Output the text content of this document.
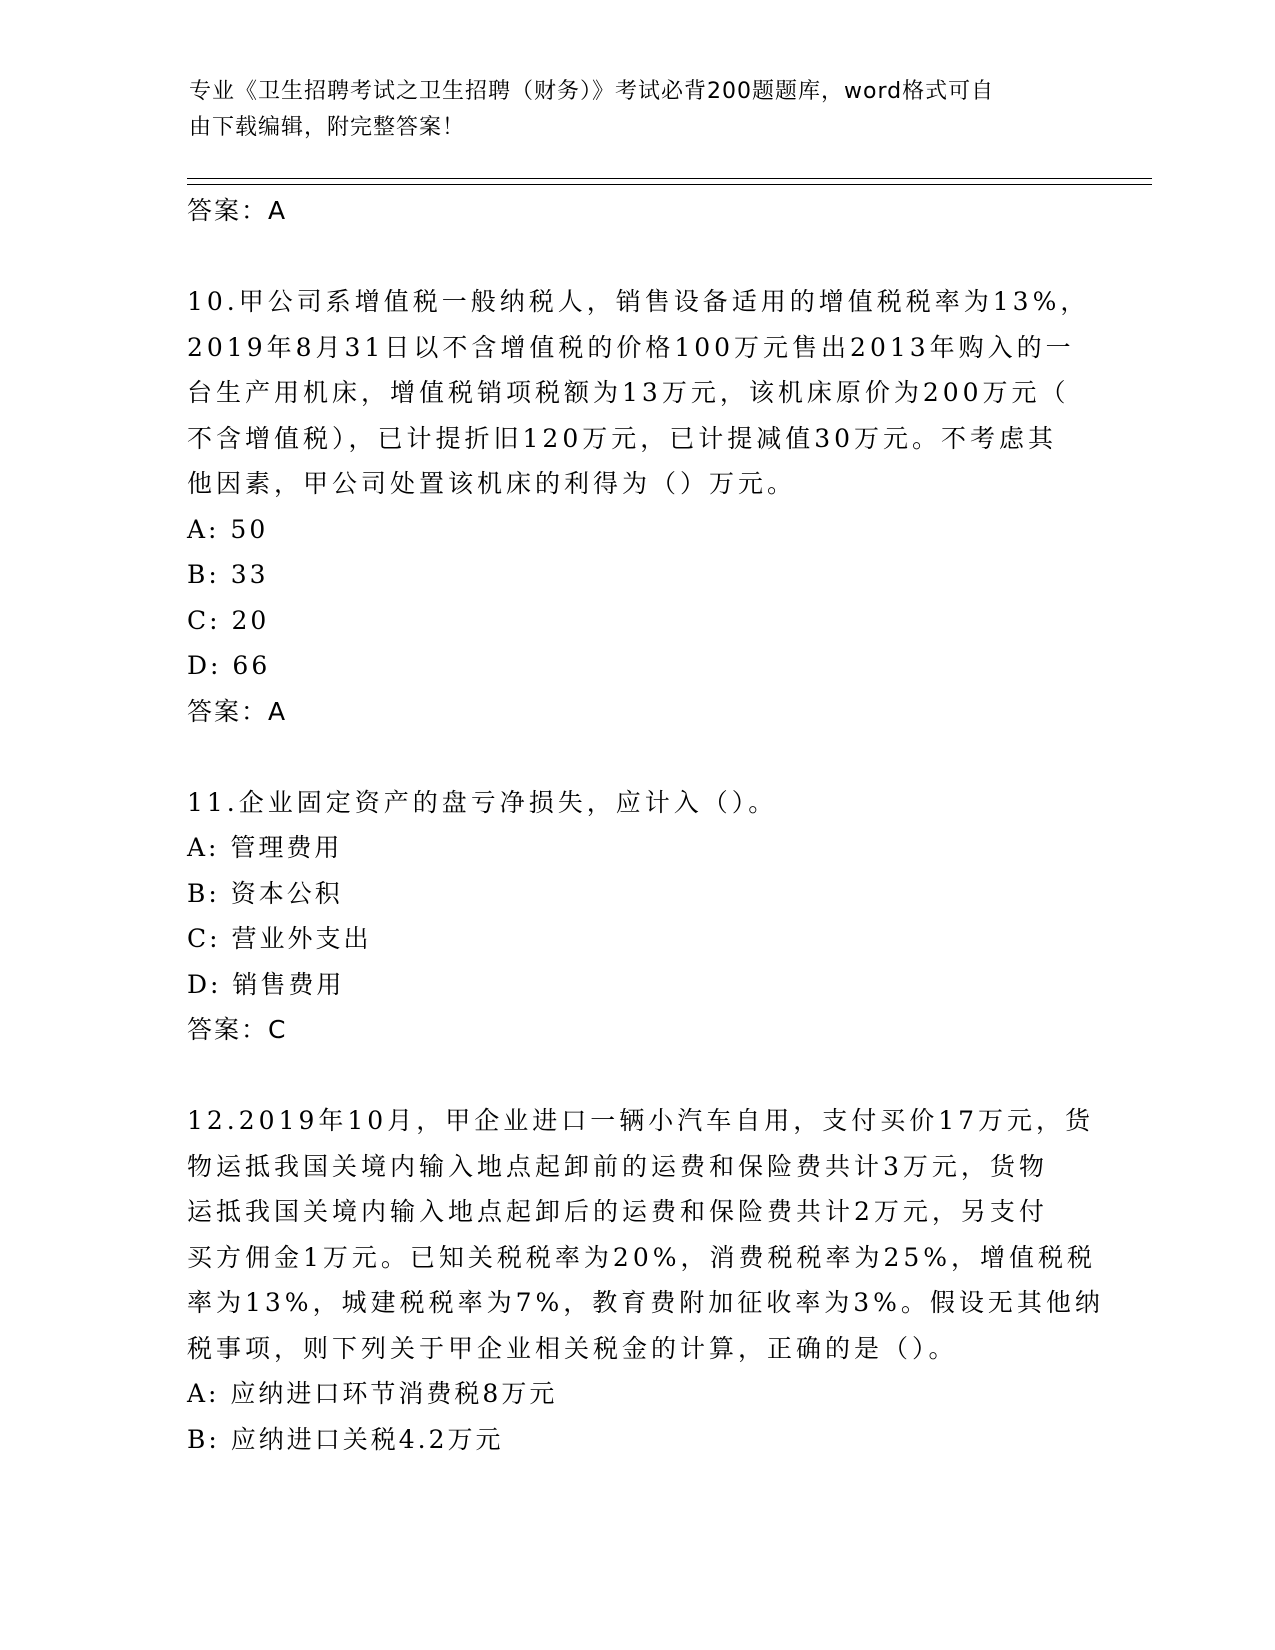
专业《卫生招聘考试之卫生招聘（财务）》考试必背200题题库，word格式可自
由下载编辑，附完整答案！
答案：A
10.甲公司系增值税一般纳税人，销售设备适用的增值税税率为13%，
2019年8月31日以不含增值税的价格100万元售出2013年购入的一
台生产用机床，增值税销项税额为13万元，该机床原价为200万元（
不含增值税），已计提折旧120万元，已计提减值30万元。不考虑其
他因素，甲公司处置该机床的利得为（）万元。
A: 50
B: 33
C: 20
D: 66
答案：A
11.企业固定资产的盘亏净损失，应计入（）。
A: 管理费用
B: 资本公积
C: 营业外支出
D: 销售费用
答案：C
12.2019年10月，甲企业进口一辆小汽车自用，支付买价17万元，货
物运抵我国关境内输入地点起卸前的运费和保险费共计3万元，货物
运抵我国关境内输入地点起卸后的运费和保险费共计2万元，另支付
买方佣金1万元。已知关税税率为20%，消费税税率为25%，增值税税
率为13%，城建税税率为7%，教育费附加征收率为3%。假设无其他纳
税事项，则下列关于甲企业相关税金的计算，正确的是（）。
A: 应纳进口环节消费税8万元
B: 应纳进口关税4.2万元
